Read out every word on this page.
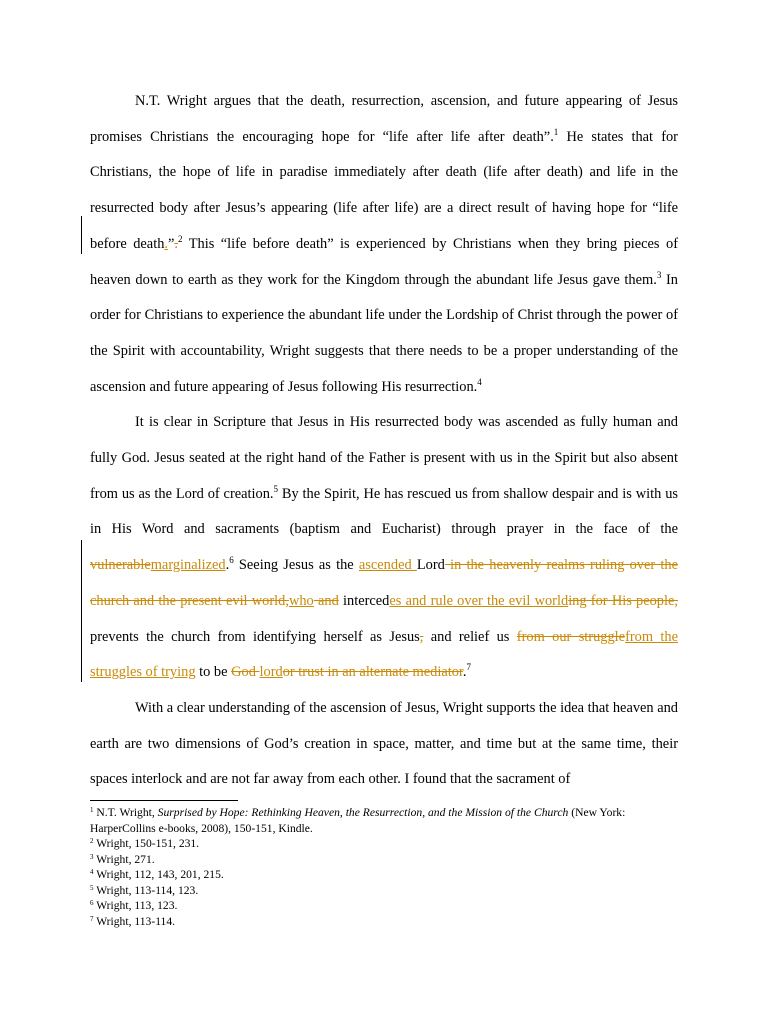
N.T. Wright argues that the death, resurrection, ascension, and future appearing of Jesus promises Christians the encouraging hope for “life after life after death”.$^1$ He states that for Christians, the hope of life in paradise immediately after death (life after death) and life in the resurrected body after Jesus’s appearing (life after life) are a direct result of having hope for “life before death.”.$^2$ This “life before death” is experienced by Christians when they bring pieces of heaven down to earth as they work for the Kingdom through the abundant life Jesus gave them.$^3$ In order for Christians to experience the abundant life under the Lordship of Christ through the power of the Spirit with accountability, Wright suggests that there needs to be a proper understanding of the ascension and future appearing of Jesus following His resurrection.$^4$

It is clear in Scripture that Jesus in His resurrected body was ascended as fully human and fully God. Jesus seated at the right hand of the Father is present with us in the Spirit but also absent from us as the Lord of creation.$^5$ By the Spirit, He has rescued us from shallow despair and is with us in His Word and sacraments (baptism and Eucharist) through prayer in the face of the vulnerablemarginalized.$^6$ Seeing Jesus as the ascended Lord in the heavenly realms ruling over the church and the present evil world,who and intercedes and rule over the evil worlding for His people, prevents the church from identifying herself as Jesus, and relief us from our strugglefrom the struggles of trying to be God lordor trust in an alternate mediator.$^7$

With a clear understanding of the ascension of Jesus, Wright supports the idea that heaven and earth are two dimensions of God’s creation in space, matter, and time but at the same time, their spaces interlock and are not far away from each other. I found that the sacrament of

$^1$ N.T. Wright, Surprised by Hope: Rethinking Heaven, the Resurrection, and the Mission of the Church (New York: HarperCollins e-books, 2008), 150-151, Kindle.

$^2$ Wright, 150-151, 231.

$^3$ Wright, 271.

$^4$ Wright, 112, 143, 201, 215.

$^5$ Wright, 113-114, 123.

$^6$ Wright, 113, 123.

$^7$ Wright, 113-114.
